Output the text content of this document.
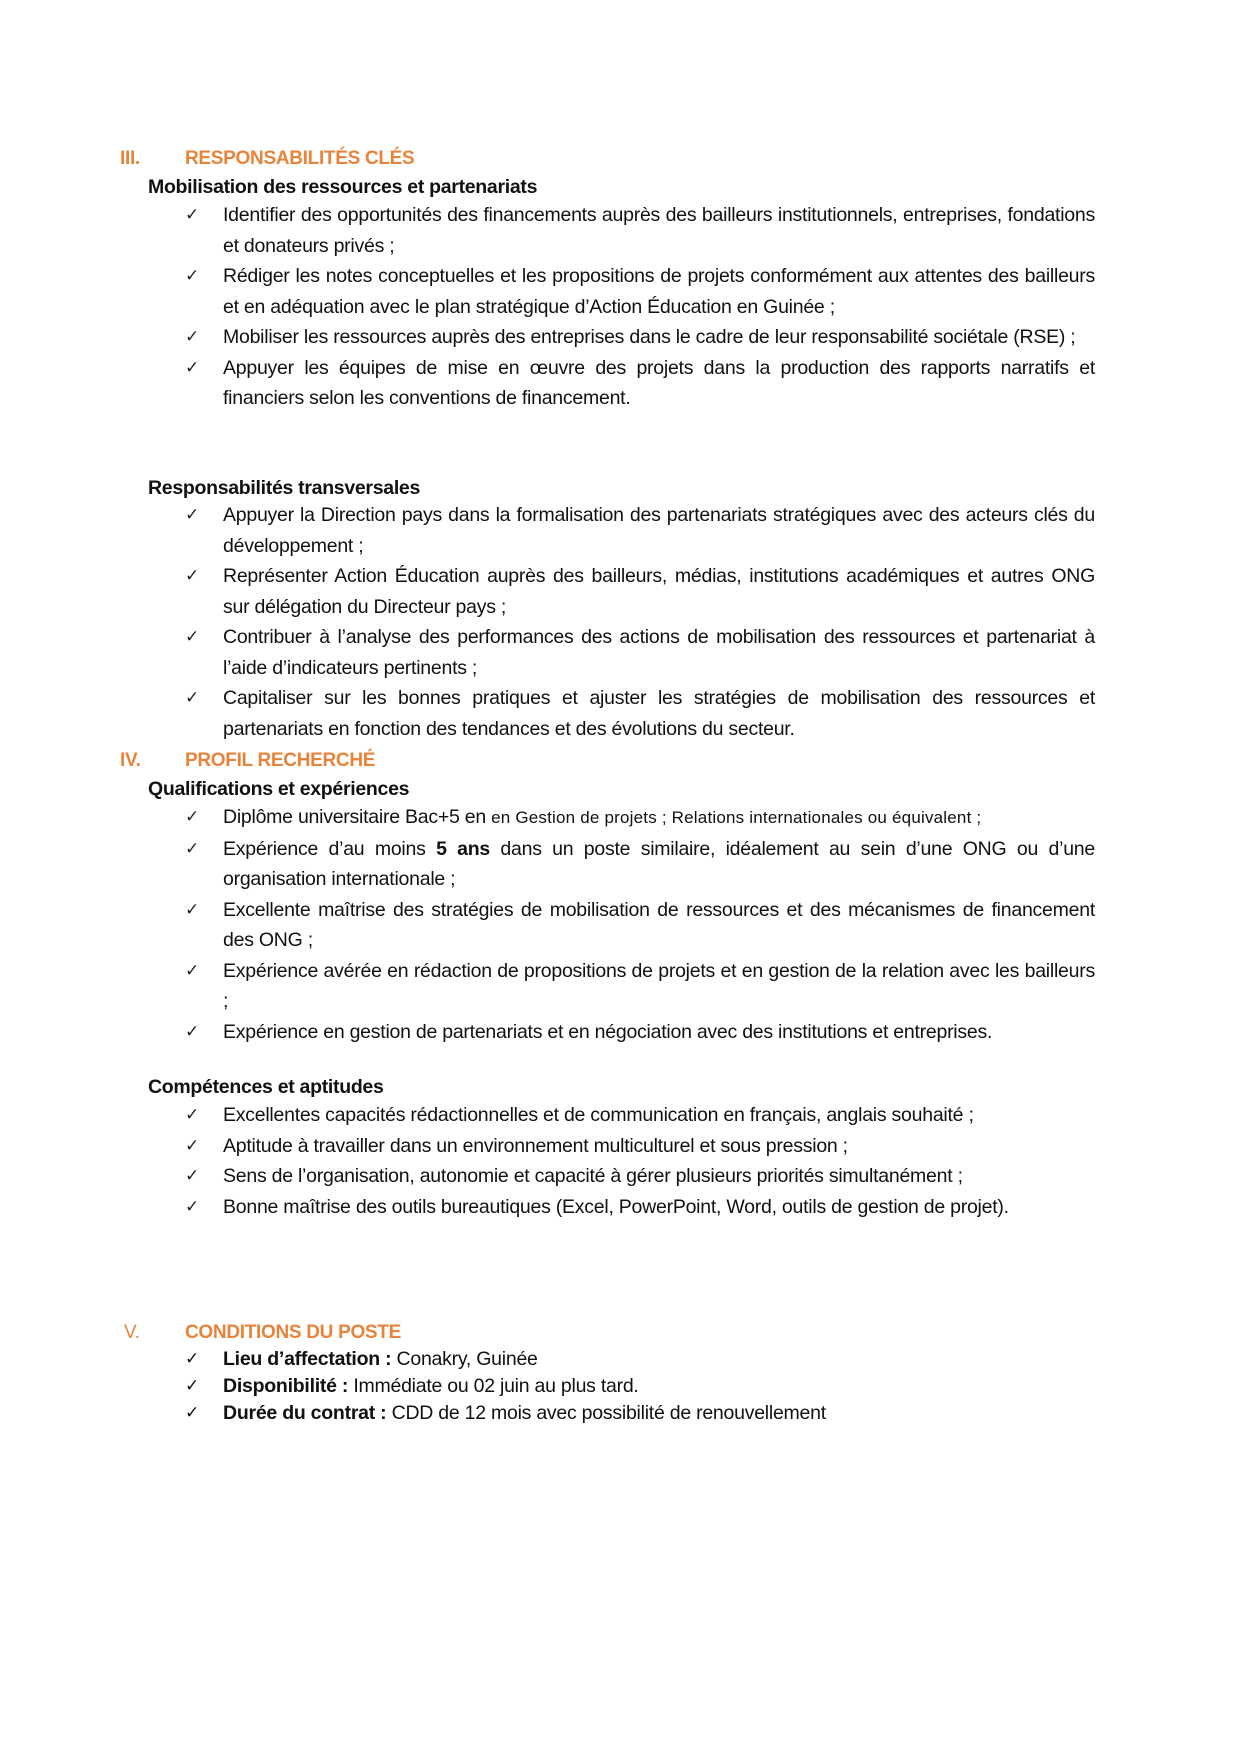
III. RESPONSABILITÉS CLÉS
Mobilisation des ressources et partenariats
✓ Identifier des opportunités des financements auprès des bailleurs institutionnels, entreprises, fondations et donateurs privés ;
✓ Rédiger les notes conceptuelles et les propositions de projets conformément aux attentes des bailleurs et en adéquation avec le plan stratégique d’Action Éducation en Guinée ;
✓ Mobiliser les ressources auprès des entreprises dans le cadre de leur responsabilité sociétale (RSE) ;
✓ Appuyer les équipes de mise en œuvre des projets dans la production des rapports narratifs et financiers selon les conventions de financement.
Responsabilités transversales
✓ Appuyer la Direction pays dans la formalisation des partenariats stratégiques avec des acteurs clés du développement ;
✓ Représenter Action Éducation auprès des bailleurs, médias, institutions académiques et autres ONG sur délégation du Directeur pays ;
✓ Contribuer à l’analyse des performances des actions de mobilisation des ressources et partenariat à l’aide d’indicateurs pertinents ;
✓ Capitaliser sur les bonnes pratiques et ajuster les stratégies de mobilisation des ressources et partenariats en fonction des tendances et des évolutions du secteur.
IV. PROFIL RECHERCHÉ
Qualifications et expériences
✓ Diplôme universitaire Bac+5 en en Gestion de projets ; Relations internationales ou équivalent ;
✓ Expérience d’au moins 5 ans dans un poste similaire, idéalement au sein d’une ONG ou d’une organisation internationale ;
✓ Excellente maîtrise des stratégies de mobilisation de ressources et des mécanismes de financement des ONG ;
✓ Expérience avérée en rédaction de propositions de projets et en gestion de la relation avec les bailleurs ;
✓ Expérience en gestion de partenariats et en négociation avec des institutions et entreprises.
Compétences et aptitudes
✓ Excellentes capacités rédactionnelles et de communication en français, anglais souhaité ;
✓ Aptitude à travailler dans un environnement multiculturel et sous pression ;
✓ Sens de l’organisation, autonomie et capacité à gérer plusieurs priorités simultanément ;
✓ Bonne maîtrise des outils bureautiques (Excel, PowerPoint, Word, outils de gestion de projet).
V. CONDITIONS DU POSTE
✓ Lieu d’affectation : Conakry, Guinée
✓ Disponibilité : Immédiate ou 02 juin au plus tard.
✓ Durée du contrat : CDD de 12 mois avec possibilité de renouvellement
